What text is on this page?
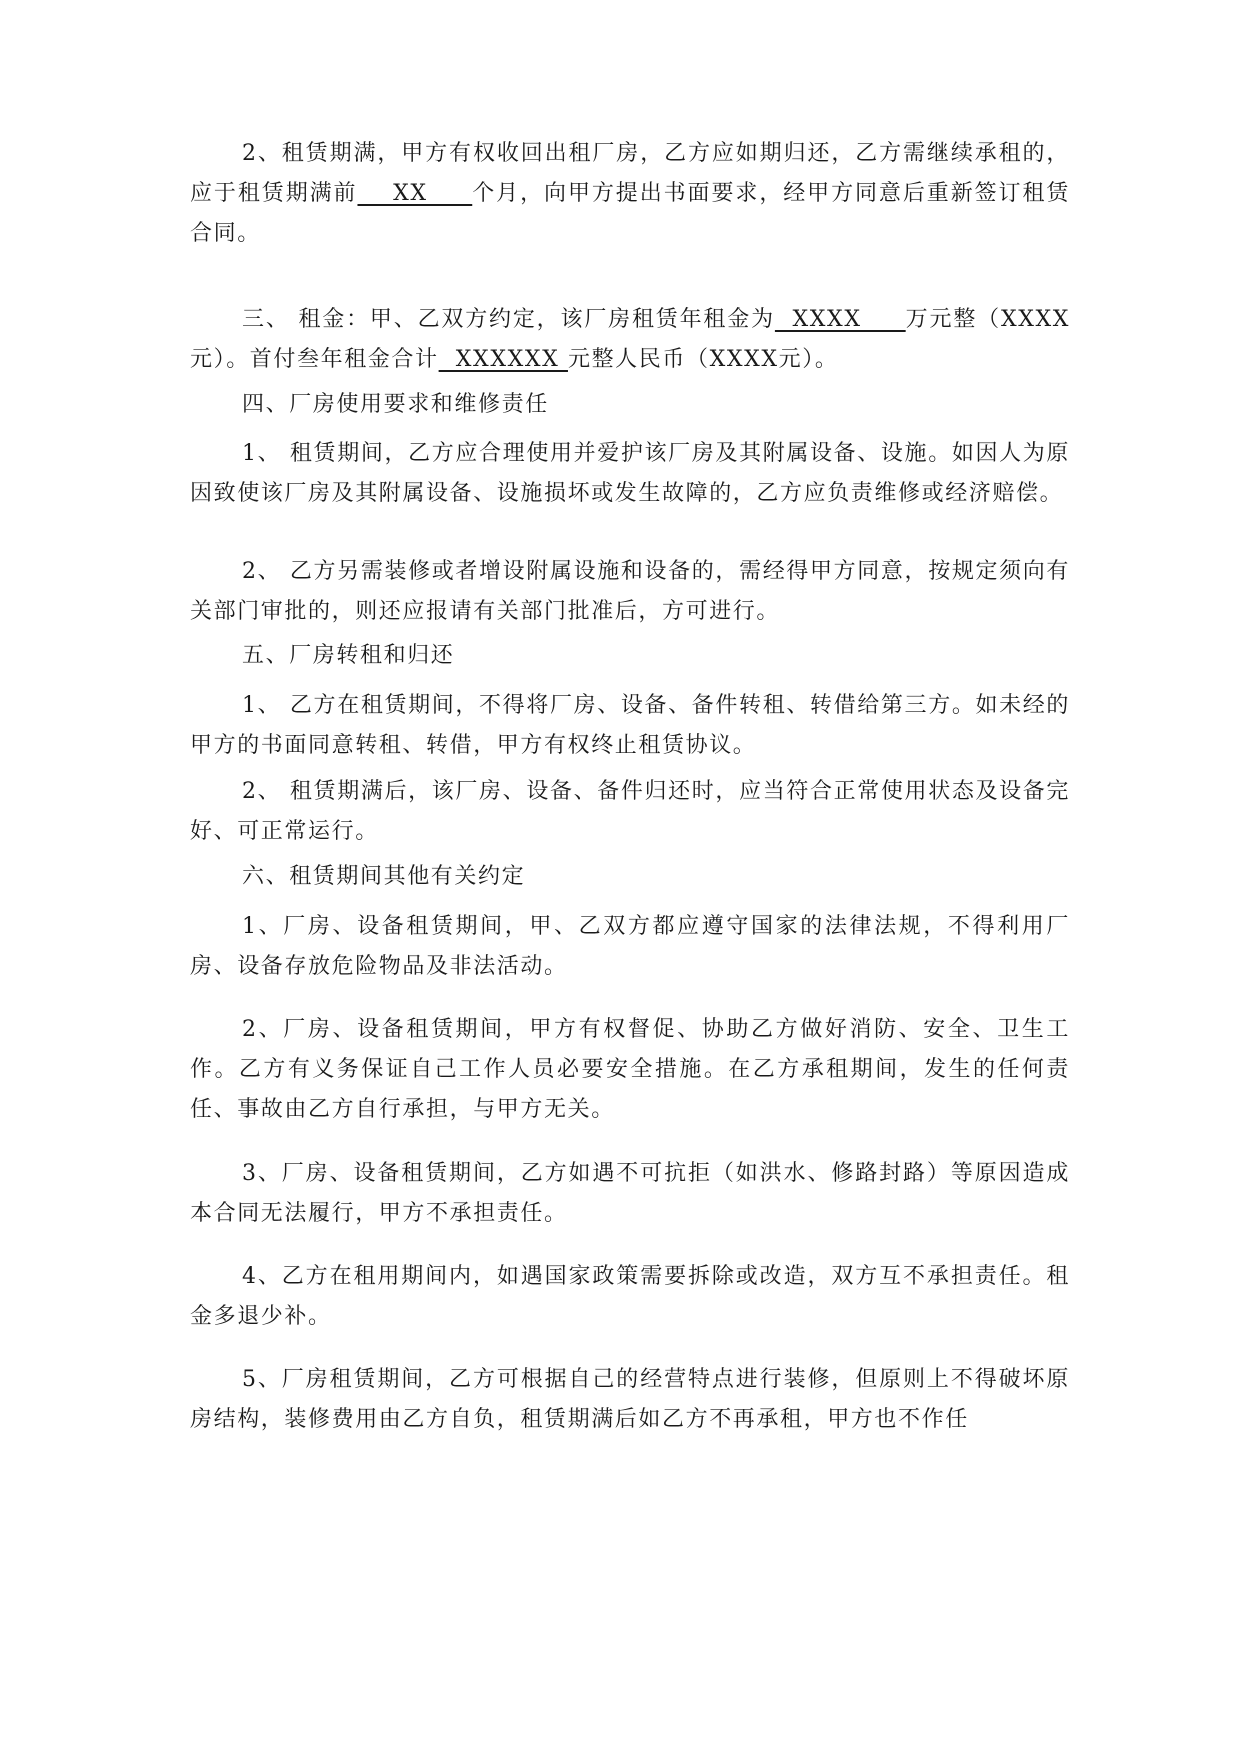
2、租赁期满，甲方有权收回出租厂房，乙方应如期归还，乙方需继续承租的，应于租赁期满前    XX     个月，向甲方提出书面要求，经甲方同意后重新签订租赁合同。

三、 租金：甲、乙双方约定，该厂房租赁年租金为  XXXX     万元整（XXXX元）。首付叁年租金合计  XXXXXX 元整人民币（XXXX元）。

四、厂房使用要求和维修责任

1、 租赁期间，乙方应合理使用并爱护该厂房及其附属设备、设施。如因人为原因致使该厂房及其附属设备、设施损坏或发生故障的，乙方应负责维修或经济赔偿。

2、 乙方另需装修或者增设附属设施和设备的，需经得甲方同意，按规定须向有关部门审批的，则还应报请有关部门批准后，方可进行。

五、厂房转租和归还

1、 乙方在租赁期间，不得将厂房、设备、备件转租、转借给第三方。如未经的甲方的书面同意转租、转借，甲方有权终止租赁协议。

2、 租赁期满后，该厂房、设备、备件归还时，应当符合正常使用状态及设备完好、可正常运行。

六、租赁期间其他有关约定

1、厂房、设备租赁期间，甲、乙双方都应遵守国家的法律法规，不得利用厂房、设备存放危险物品及非法活动。

2、厂房、设备租赁期间，甲方有权督促、协助乙方做好消防、安全、卫生工作。乙方有义务保证自己工作人员必要安全措施。在乙方承租期间，发生的任何责任、事故由乙方自行承担，与甲方无关。

3、厂房、设备租赁期间，乙方如遇不可抗拒（如洪水、修路封路）等原因造成本合同无法履行，甲方不承担责任。

4、乙方在租用期间内，如遇国家政策需要拆除或改造，双方互不承担责任。租金多退少补。

5、厂房租赁期间，乙方可根据自己的经营特点进行装修，但原则上不得破坏原房结构，装修费用由乙方自负，租赁期满后如乙方不再承租，甲方也不作任
